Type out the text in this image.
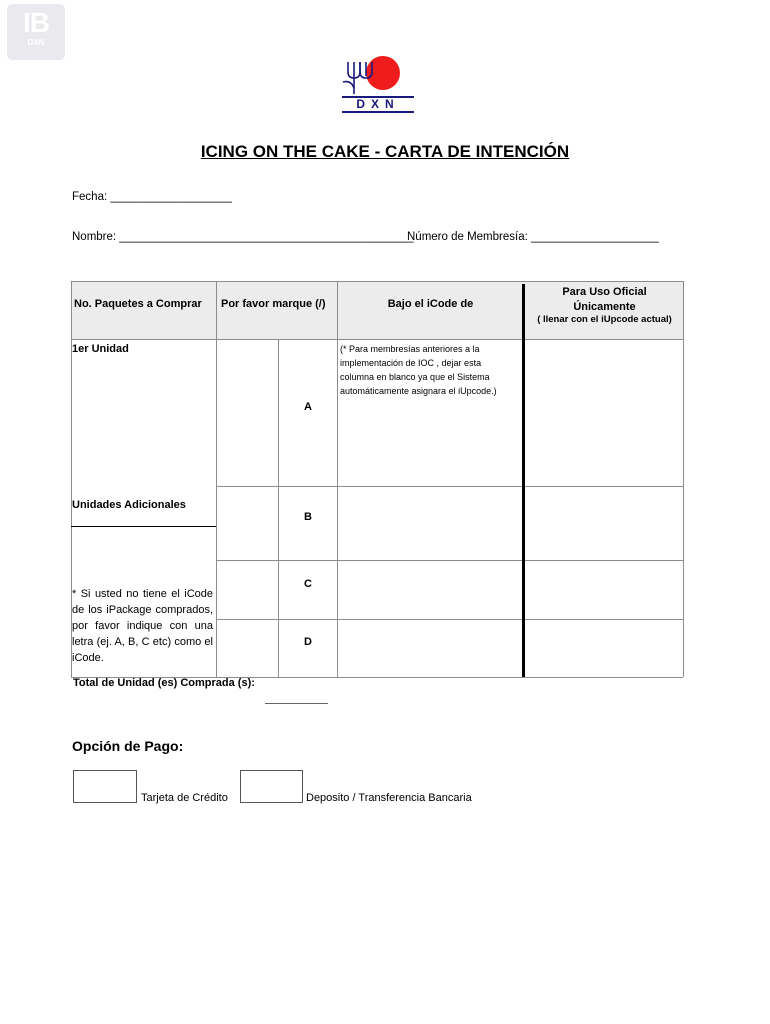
IB
DXN
DXN
ICING ON THE CAKE - CARTA DE INTENCIÓN
Fecha: ___________________
Nombre: ______________________________________________
Número de Membresía: ____________________
No. Paquetes a Comprar Por favor marque (/)	Bajo el iCode de
Para Uso Oficial
Únicamente
( llenar con el iUpcode actual)
1er Unidad
Unidades Adicionales
(* Para membresías anteriores a la implementación de IOC , dejar esta columna en blanco ya que el Sistema automáticamente asignara el iUpcode.)
A
B
C
D
* Si usted no tiene el iCode de los iPackage comprados, por favor indique con una letra (ej. A, B, C etc) como el iCode.
Total de Unidad (es) Comprada (s):
Opción de Pago:
Tarjeta de Crédito	Deposito / Transferencia Bancaria
